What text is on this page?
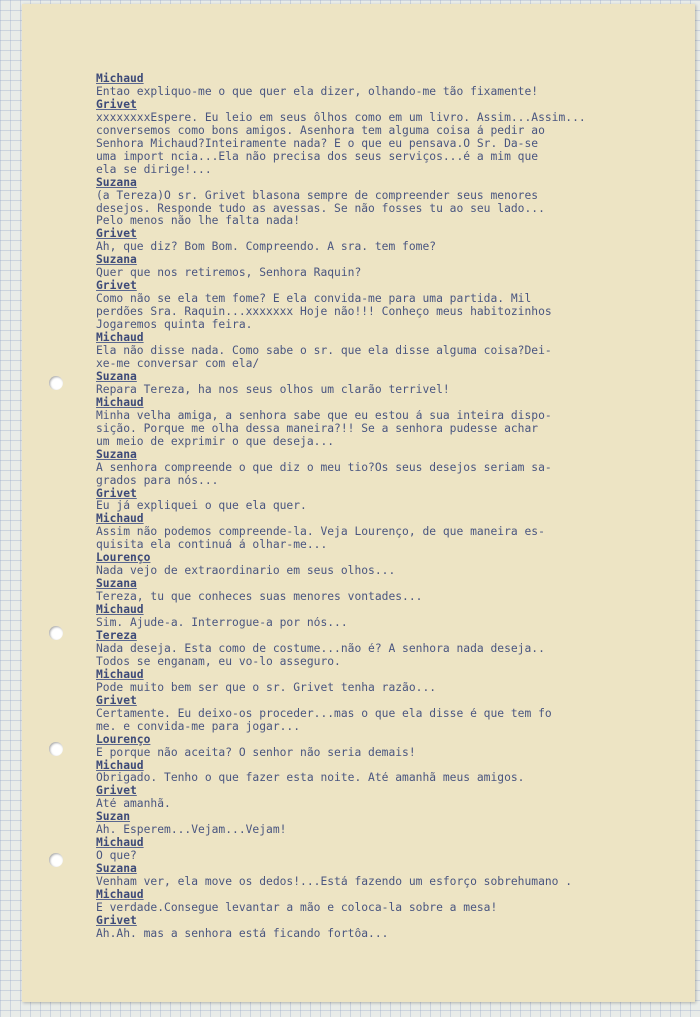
Michaud
Entao expliquo-me o que quer ela dizer, olhando-me tão fixamente!
Grivet
xxxxxxxxEspere. Eu leio em seus ôlhos como em um livro. Assim...Assim...
conversemos como bons amigos. Asenhora tem alguma coisa á pedir ao
Senhora Michaud?Inteiramente nada? É o que eu pensava.O Sr. Da-se
uma import ncia...Ela não precisa dos seus serviços...é a mim que
ela se dirige!...
Suzana
(a Tereza)O sr. Grivet blasona sempre de compreender seus menores
desejos. Responde tudo as avessas. Se não fosses tu ao seu lado...
Pelo menos não lhe falta nada!
Grivet
Ah, que diz? Bom Bom. Compreendo. A sra. tem fome?
Suzana
Quer que nos retiremos, Senhora Raquin?
Grivet
Como não se ela tem fome? E ela convida-me para uma partida. Mil
perdões Sra. Raquin...xxxxxxx Hoje não!!! Conheço meus habitozinhos
Jogaremos quinta feira.
Michaud
Ela não disse nada. Como sabe o sr. que ela disse alguma coisa?Dei-
xe-me conversar com ela/
Suzana
Repara Tereza, ha nos seus olhos um clarão terrivel!
Michaud
Minha velha amiga, a senhora sabe que eu estou á sua inteira dispo-
sição. Porque me olha dessa maneira?!! Se a senhora pudesse achar
um meio de exprimir o que deseja...
Suzana
A senhora compreende o que diz o meu tio?Os seus desejos seriam sa-
grados para nós...
Grivet
Eu já expliquei o que ela quer.
Michaud
Assim não podemos compreende-la. Veja Lourenço, de que maneira es-
quisita ela continuá á olhar-me...
Lourenço
Nada vejo de extraordinario em seus olhos...
Suzana
Tereza, tu que conheces suas menores vontades...
Michaud
Sim. Ajude-a. Interrogue-a por nós...
Tereza
Nada deseja. Esta como de costume...não é? A senhora nada deseja..
Todos se enganam, eu vo-lo asseguro.
Michaud
Pode muito bem ser que o sr. Grivet tenha razão...
Grivet
Certamente. Eu deixo-os proceder...mas o que ela disse é que tem fo
me. e convida-me para jogar...
Lourenço
E porque não aceita? O senhor não seria demais!
Michaud
Obrigado. Tenho o que fazer esta noite. Até amanhã meus amigos.
Grivet
Até amanhã.
Suzan
Ah. Esperem...Vejam...Vejam!
Michaud
O que?
Suzana
Venham ver, ela move os dedos!...Está fazendo um esforço sobrehumano .
Michaud
É verdade.Consegue levantar a mão e coloca-la sobre a mesa!
Grivet
Ah.Ah. mas a senhora está ficando fortôa...
